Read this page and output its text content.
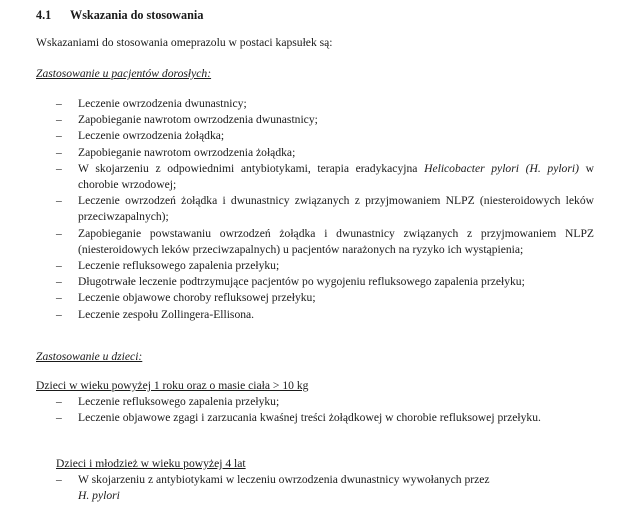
4.1 Wskazania do stosowania
Wskazaniami do stosowania omeprazolu w postaci kapsułek są:
Zastosowanie u pacjentów dorosłych:
– Leczenie owrzodzenia dwunastnicy;
– Zapobieganie nawrotom owrzodzenia dwunastnicy;
– Leczenie owrzodzenia żołądka;
– Zapobieganie nawrotom owrzodzenia żołądka;
– W skojarzeniu z odpowiednimi antybiotykami, terapia eradykacyjna Helicobacter pylori (H. pylori) w chorobie wrzodowej;
– Leczenie owrzodzeń żołądka i dwunastnicy związanych z przyjmowaniem NLPZ (niesteroidowych leków przeciwzapalnych);
– Zapobieganie powstawaniu owrzodzeń żołądka i dwunastnicy związanych z przyjmowaniem NLPZ (niesteroidowych leków przeciwzapalnych) u pacjentów narażonych na ryzyko ich wystąpienia;
– Leczenie refluksowego zapalenia przełyku;
– Długotrwałe leczenie podtrzymujące pacjentów po wygojeniu refluksowego zapalenia przełyku;
– Leczenie objawowe choroby refluksowej przełyku;
– Leczenie zespołu Zollingera-Ellisona.
Zastosowanie u dzieci:
Dzieci w wieku powyżej 1 roku oraz o masie ciała > 10 kg
– Leczenie refluksowego zapalenia przełyku;
– Leczenie objawowe zgagi i zarzucania kwaśnej treści żołądkowej w chorobie refluksowej przełyku.
Dzieci i młodzież w wieku powyżej 4 lat
– W skojarzeniu z antybiotykami w leczeniu owrzodzenia dwunastnicy wywołanych przez
H. pylori
